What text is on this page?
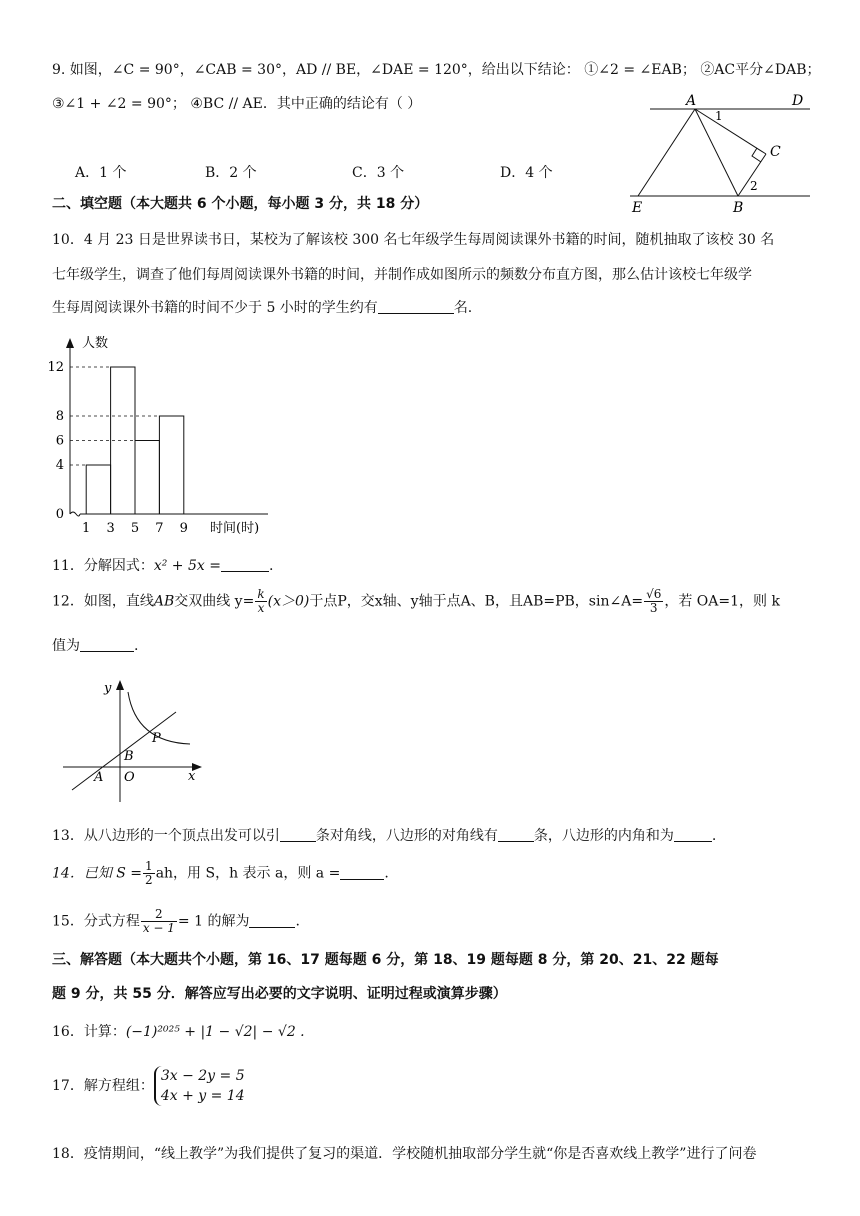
9. 如图，∠C = 90°，∠CAB = 30°，AD // BE，∠DAE = 120°，给出以下结论： ①∠2 = ∠EAB； ②AC平分∠DAB；
③∠1 + ∠2 = 90°； ④BC // AE．其中正确的结论有（ ）
A．1 个	B．2 个	C．3 个	D．4 个
A	D
C
E	B
1
2
二、填空题（本大题共 6 个小题，每小题 3 分，共 18 分）
10．4 月 23 日是世界读书日，某校为了解该校 300 名七年级学生每周阅读课外书籍的时间，随机抽取了该校 30 名
七年级学生，调查了他们每周阅读课外书籍的时间，并制作成如图所示的频数分布直方图，那么估计该校七年级学
生每周阅读课外书籍的时间不少于 5 小时的学生约有	名.
0
4
6
8
12
1 3 5 7 9
人数
时间(时)
11．分解因式：x² + 5x =	.
12．如图，直线AB交双曲线 $y= \frac{k}{x} (x>0)$于点P，交x轴、y轴于点A、B，且AB=PB，sin∠A= $\frac{√6}{3}$ ，若 OA=1，则 k
值为	.
y
x
B
P
A O
13．从八边形的一个顶点出发可以引	条对角线，八边形的对角线有	条，八边形的内角和为	.
14．已知 $S = \frac{1}{2}$ ah，用 S，h 表示 a，则 a =	.
15．分式方程 $\frac{2}{x - 1} = 1$ 的解为	.
三、解答题（本大题共个小题，第 16、17 题每题 6 分，第 18、19 题每题 8 分，第 20、21、22 题每
题 9 分，共 55 分．解答应写出必要的文字说明、证明过程或演算步骤）
16．计算：(−1)²⁰²⁵ + |1 − √2| − √2 .
17．解方程组：
3x − 2y = 5
4x + y = 14
18．疫情期间，“线上教学”为我们提供了复习的渠道．学校随机抽取部分学生就“你是否喜欢线上教学”进行了问卷
